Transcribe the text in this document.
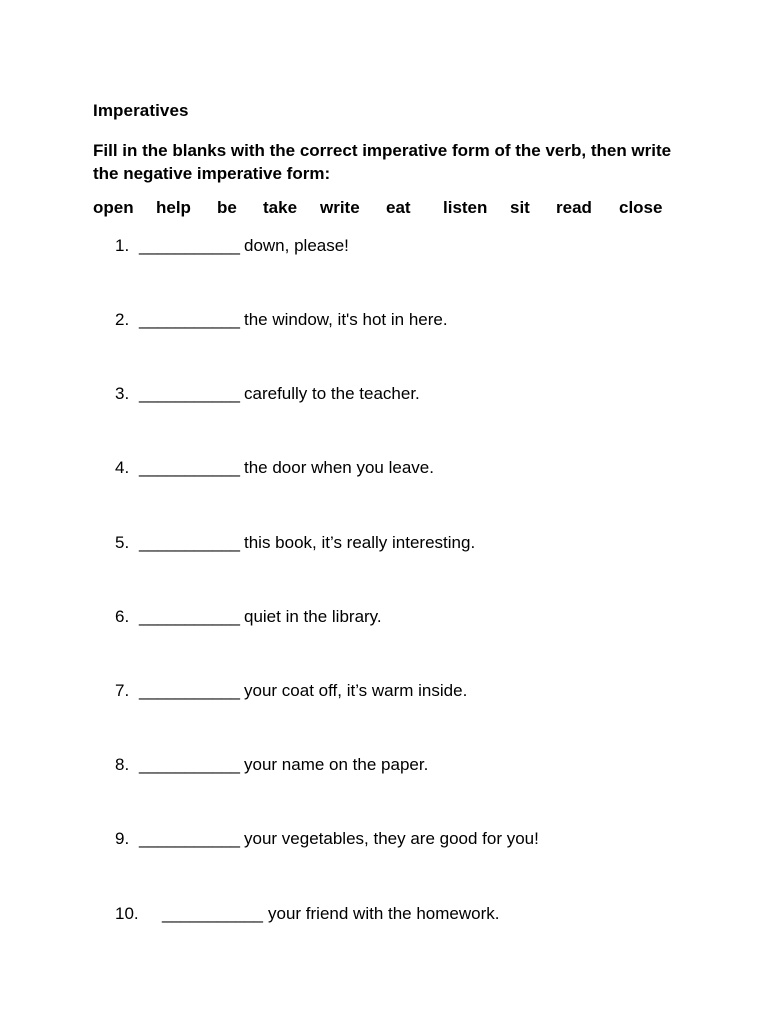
Imperatives
Fill in the blanks with the correct imperative form of the verb, then write the negative imperative form:
open help be take write eat listen sit read close
1. ___________ down, please!
2. ___________ the window, it's hot in here.
3. ___________ carefully to the teacher.
4. ___________ the door when you leave.
5. ___________ this book, it’s really interesting.
6. ___________ quiet in the library.
7. ___________ your coat off, it’s warm inside.
8. ___________ your name on the paper.
9. ___________ your vegetables, they are good for you!
10. ___________ your friend with the homework.
